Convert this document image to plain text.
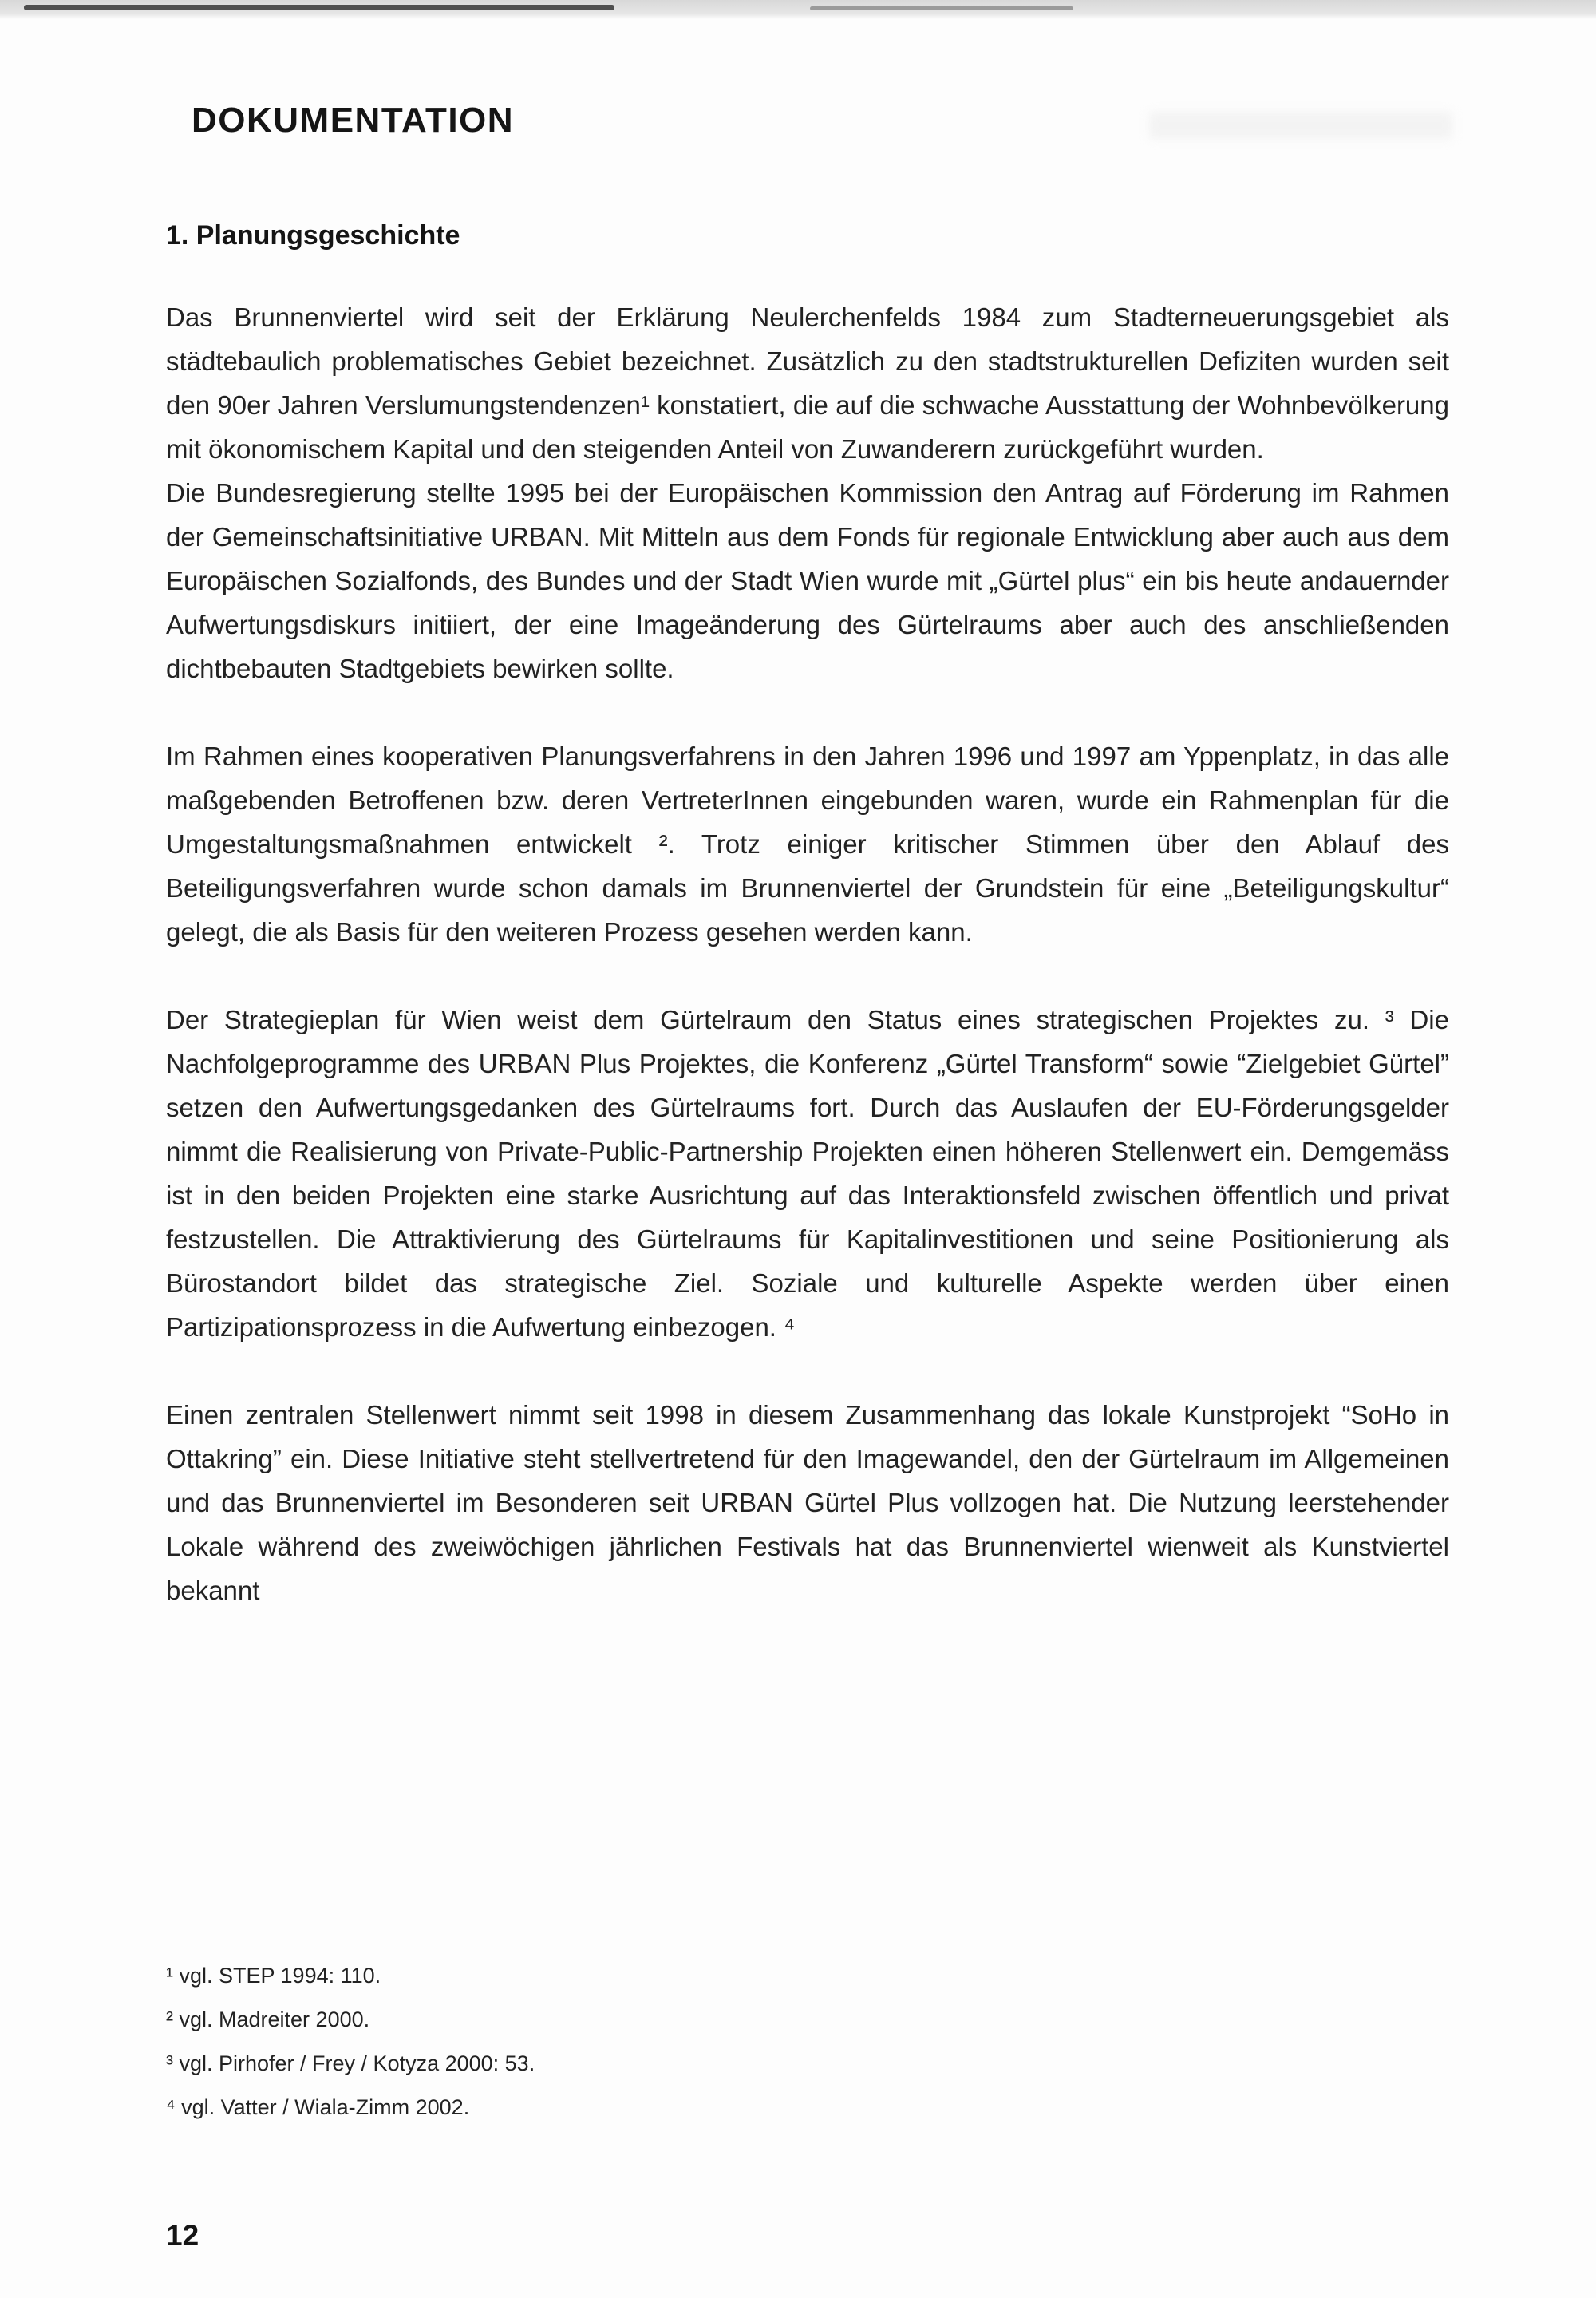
DOKUMENTATION
1. Planungsgeschichte

Das Brunnenviertel wird seit der Erklärung Neulerchenfelds 1984 zum Stadterneuerungsgebiet als städtebaulich problematisches Gebiet bezeichnet. Zusätzlich zu den stadtstrukturellen Defiziten wurden seit den 90er Jahren Verslumungstendenzen¹ konstatiert, die auf die schwache Ausstattung der Wohnbevölkerung mit ökonomischem Kapital und den steigenden Anteil von Zuwanderern zurückgeführt wurden.

Die Bundesregierung stellte 1995 bei der Europäischen Kommission den Antrag auf Förderung im Rahmen der Gemeinschaftsinitiative URBAN. Mit Mitteln aus dem Fonds für regionale Entwicklung aber auch aus dem Europäischen Sozialfonds, des Bundes und der Stadt Wien wurde mit „Gürtel plus“ ein bis heute andauernder Aufwertungsdiskurs initiiert, der eine Imageänderung des Gürtelraums aber auch des anschließenden dichtbebauten Stadtgebiets bewirken sollte.

Im Rahmen eines kooperativen Planungsverfahrens in den Jahren 1996 und 1997 am Yppenplatz, in das alle maßgebenden Betroffenen bzw. deren VertreterInnen eingebunden waren, wurde ein Rahmenplan für die Umgestaltungsmaßnahmen entwickelt ². Trotz einiger kritischer Stimmen über den Ablauf des Beteiligungsverfahren wurde schon damals im Brunnenviertel der Grundstein für eine „Beteiligungskultur“ gelegt, die als Basis für den weiteren Prozess gesehen werden kann.

Der Strategieplan für Wien weist dem Gürtelraum den Status eines strategischen Projektes zu. ³ Die Nachfolgeprogramme des URBAN Plus Projektes, die Konferenz „Gürtel Transform“ sowie “Zielgebiet Gürtel” setzen den Aufwertungsgedanken des Gürtelraums fort. Durch das Auslaufen der EU-Förderungsgelder nimmt die Realisierung von Private-Public-Partnership Projekten einen höheren Stellenwert ein. Demgemäss ist in den beiden Projekten eine starke Ausrichtung auf das Interaktionsfeld zwischen öffentlich und privat festzustellen. Die Attraktivierung des Gürtelraums für Kapitalinvestitionen und seine Positionierung als Bürostandort bildet das strategische Ziel. Soziale und kulturelle Aspekte werden über einen Partizipationsprozess in die Aufwertung einbezogen. ⁴

Einen zentralen Stellenwert nimmt seit 1998 in diesem Zusammenhang das lokale Kunstprojekt “SoHo in Ottakring” ein. Diese Initiative steht stellvertretend für den Imagewandel, den der Gürtelraum im Allgemeinen und das Brunnenviertel im Besonderen seit URBAN Gürtel Plus vollzogen hat. Die Nutzung leerstehender Lokale während des zweiwöchigen jährlichen Festivals hat das Brunnenviertel wienweit als Kunstviertel bekannt

¹ vgl. STEP 1994: 110.

² vgl. Madreiter 2000.

³ vgl. Pirhofer / Frey / Kotyza 2000: 53.

⁴ vgl. Vatter / Wiala-Zimm 2002.

12
